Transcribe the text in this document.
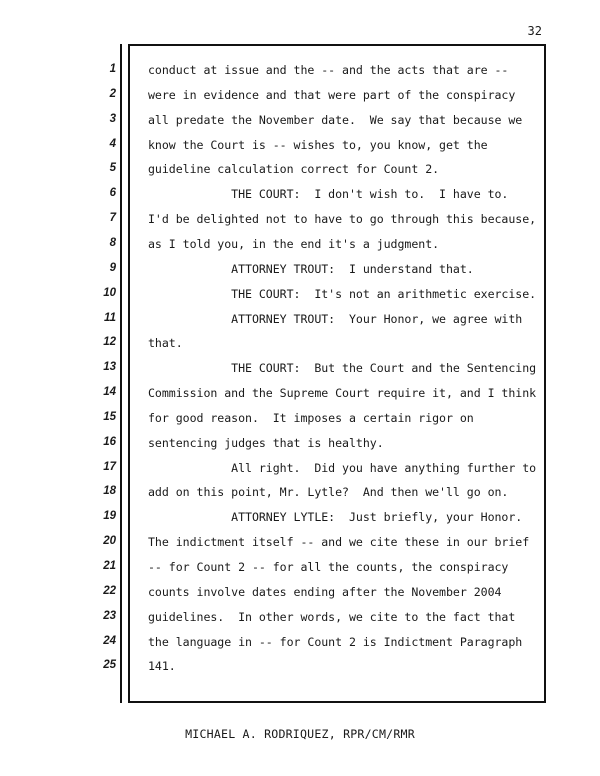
32
1	conduct at issue and the -- and the acts that are --
2	were in evidence and that were part of the conspiracy
3	all predate the November date.  We say that because we
4	know the Court is -- wishes to, you know, get the
5	guideline calculation correct for Count 2.
6	THE COURT:  I don't wish to.  I have to.
7	I'd be delighted not to have to go through this because,
8	as I told you, in the end it's a judgment.
9	ATTORNEY TROUT:  I understand that.
10	THE COURT:  It's not an arithmetic exercise.
11	ATTORNEY TROUT:  Your Honor, we agree with
12	that.
13	THE COURT:  But the Court and the Sentencing
14	Commission and the Supreme Court require it, and I think
15	for good reason.  It imposes a certain rigor on
16	sentencing judges that is healthy.
17	All right.  Did you have anything further to
18	add on this point, Mr. Lytle?  And then we'll go on.
19	ATTORNEY LYTLE:  Just briefly, your Honor.
20	The indictment itself -- and we cite these in our brief
21	-- for Count 2 -- for all the counts, the conspiracy
22	counts involve dates ending after the November 2004
23	guidelines.  In other words, we cite to the fact that
24	the language in -- for Count 2 is Indictment Paragraph
25	141.
MICHAEL A. RODRIQUEZ, RPR/CM/RMR
